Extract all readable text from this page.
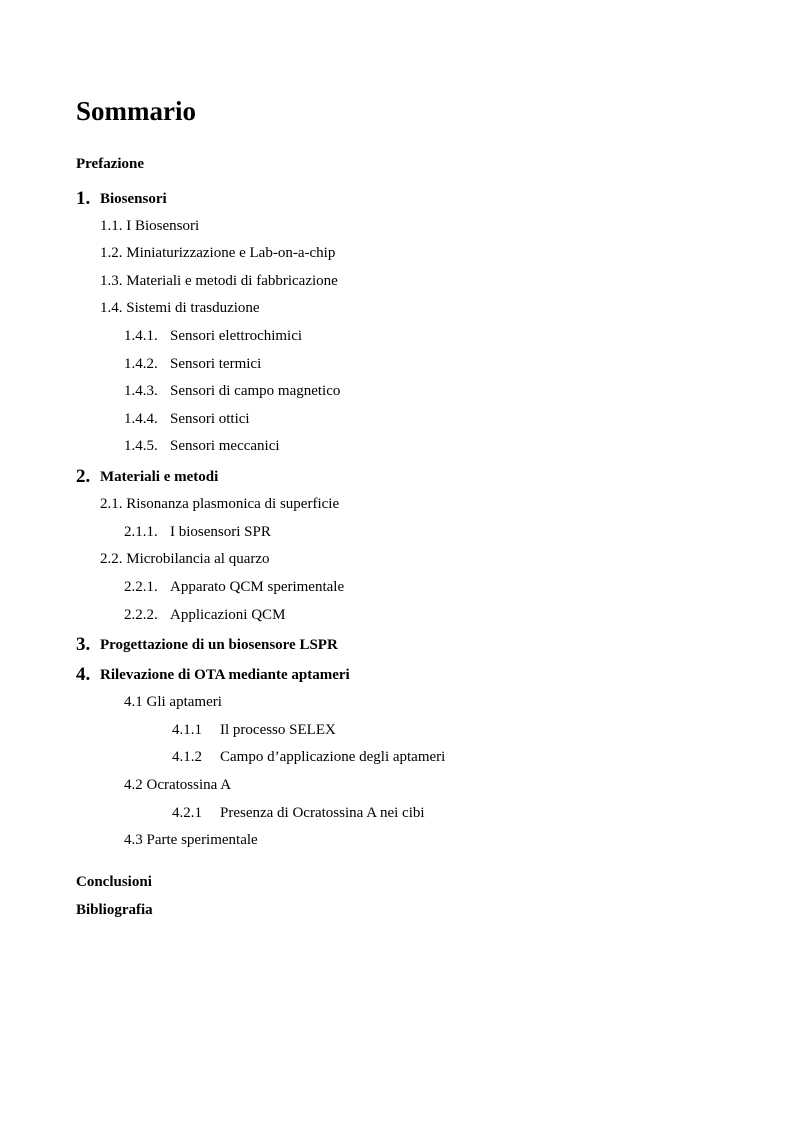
Sommario
Prefazione
1. Biosensori
1.1. I Biosensori
1.2. Miniaturizzazione e Lab-on-a-chip
1.3. Materiali e metodi di fabbricazione
1.4. Sistemi di trasduzione
1.4.1. Sensori elettrochimici
1.4.2. Sensori termici
1.4.3. Sensori di campo magnetico
1.4.4. Sensori ottici
1.4.5. Sensori meccanici
2. Materiali e metodi
2.1. Risonanza plasmonica di superficie
2.1.1. I biosensori SPR
2.2. Microbilancia al quarzo
2.2.1. Apparato QCM sperimentale
2.2.2. Applicazioni QCM
3. Progettazione di un biosensore LSPR
4. Rilevazione di OTA mediante aptameri
4.1 Gli aptameri
4.1.1 Il processo SELEX
4.1.2 Campo d’applicazione degli aptameri
4.2 Ocratossina A
4.2.1 Presenza di Ocratossina A nei cibi
4.3 Parte sperimentale
Conclusioni
Bibliografia
